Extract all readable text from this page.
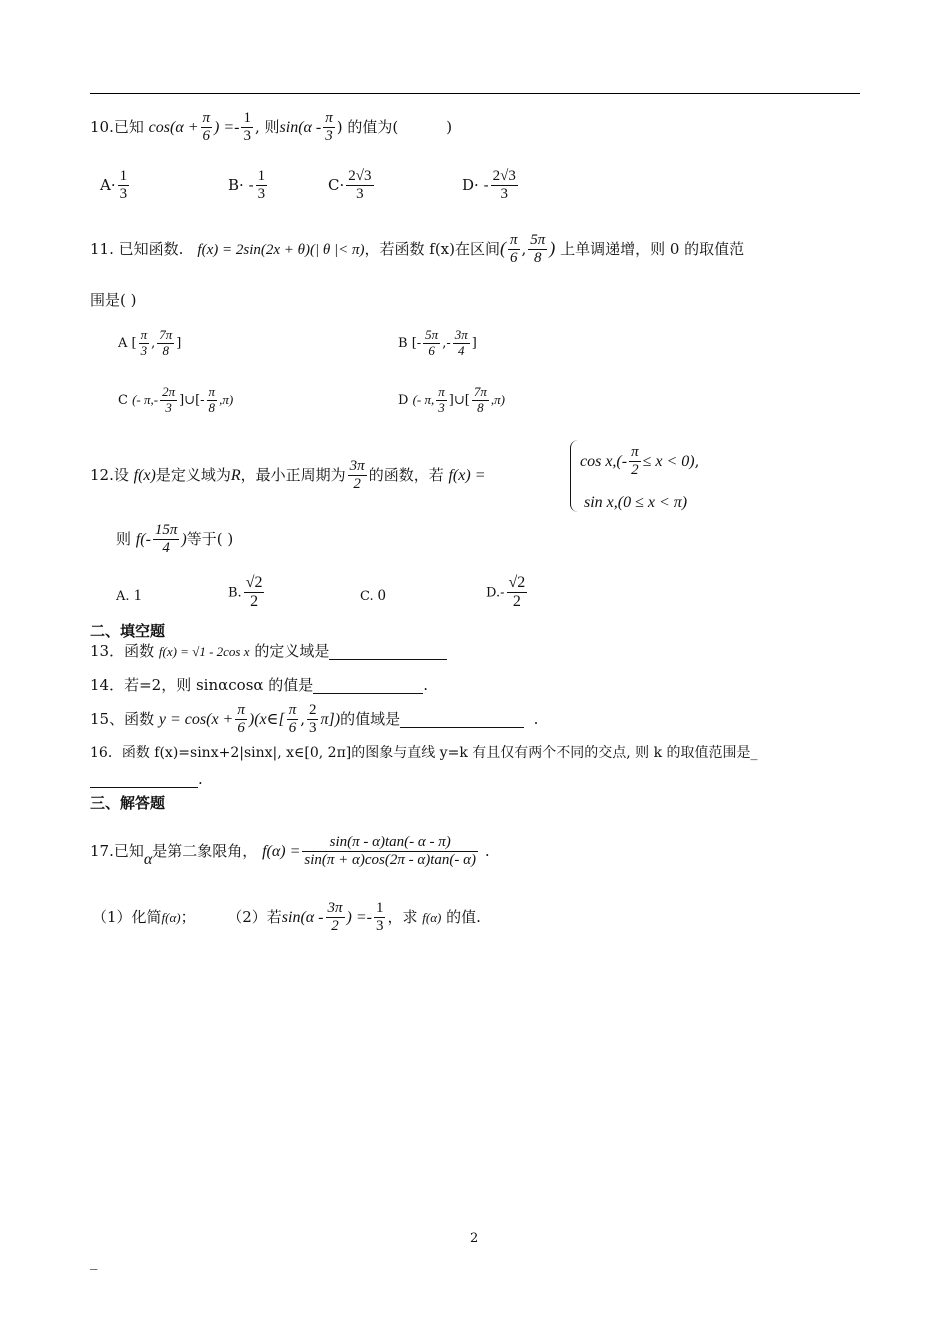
10.已知 $\cos(\alpha + \frac{\pi}{6}$ ) =- $\frac{1}{3}$ , 则$\sin(\alpha - \frac{\pi}{3}$ ) 的值为(	)
$A\cdot \frac{1}{3}$	$B\cdot - \frac{1}{3}$	$C\cdot \frac{2√3}{3}$	$D\cdot - \frac{2√3}{3}$
11. 已知函数. f(x) = 2sin(2x + θ)(| θ |< π)，若函数 f(x)在区间( $\frac{\pi}{6}$ , $\frac{5\pi}{8}$ ) 上单调递增，则 0 的取值范
围是( )
A [ $\frac{\pi}{3}$ , $\frac{7\pi}{8}$ ]	B [- $\frac{5\pi}{6}$ ,- $\frac{3\pi}{4}$ ]
C (- $\pi,- \frac{2\pi}{3}$ ]∪[- $\frac{\pi}{8} ,\pi$)	D (- π, $\frac{\pi}{3}$ ]∪[ $\frac{7\pi}{8} ,\pi$)
12.设 f(x)是定义域为R，最小正周期为 $\frac{3\pi}{2}$ 的函数，若 f(x) =
$\cos x,(- \frac{\pi}{2} \le x < 0)$,
sin x,(0 ≤ x < π)
则 $f(- \frac{15\pi}{4}$ )等于( )
A. 1	B. $\frac{√2}{2}$	C. 0	$D.- \frac{√2}{2}$
二、填空题
13．函数 f(x) = √1 - 2cos x 的定义域是
14．若=2，则 sinαcosα 的值是	.
15、函数 $y = \cos(x + \frac{\pi}{6}$ )(x∈[ $\frac{\pi}{6}$ , $\frac{2}{3} \pi$])的值域是	.
16．函数 f(x)=sinx+2|sinx|, x∈[0, 2π]的图象与直线 y=k 有且仅有两个不同的交点, 则 k 的取值范围是_
.
三、解答题
17.已知α是第二象限角， $f(\alpha) = \frac{\sin(\pi - \alpha)\tan(- \alpha - \pi)}{\sin(\pi + \alpha)\cos(2\pi - \alpha)\tan(- \alpha)}$ .
（1）化简f(α)； （2）若$\sin(\alpha - \frac{3\pi}{2}$ ) =- $\frac{1}{3}$ ，求 f(α) 的值.
2
_
